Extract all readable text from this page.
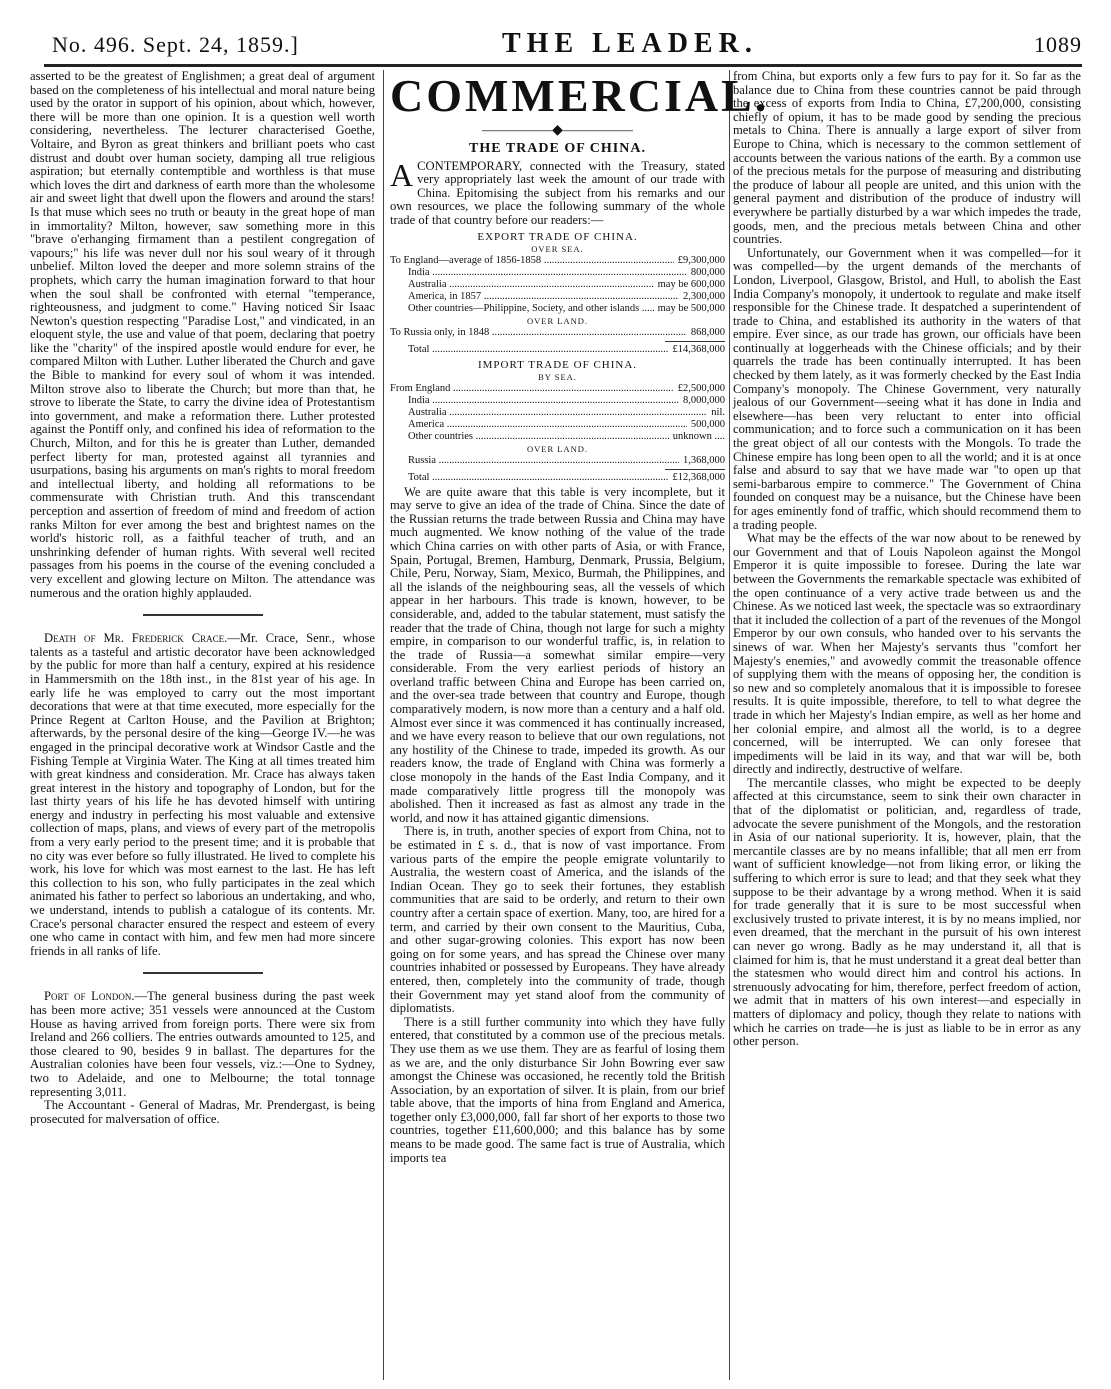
No. 496. Sept. 24, 1859.]	THE LEADER.	1089

asserted to be the greatest of Englishmen; a great deal of argument based on the completeness of his intellectual and moral nature being used by the orator in support of his opinion, about which, however, there will be more than one opinion. It is a question well worth considering, nevertheless. The lecturer characterised Goethe, Voltaire, and Byron as great thinkers and brilliant poets who cast distrust and doubt over human society, damping all true religious aspiration; but eternally contemptible and worthless is that muse which loves the dirt and darkness of earth more than the wholesome air and sweet light that dwell upon the flowers and around the stars! Is that muse which sees no truth or beauty in the great hope of man in immortality? Milton, however, saw something more in this "brave o'erhanging firmament than a pestilent congregation of vapours;" his life was never dull nor his soul weary of it through unbelief. Milton loved the deeper and more solemn strains of the prophets, which carry the human imagination forward to that hour when the soul shall be confronted with eternal "temperance, righteousness, and judgment to come." Having noticed Sir Isaac Newton's question respecting "Paradise Lost," and vindicated, in an eloquent style, the use and value of that poem, declaring that poetry like the "charity" of the inspired apostle would endure for ever, he compared Milton with Luther. Luther liberated the Church and gave the Bible to mankind for every soul of whom it was intended. Milton strove also to liberate the Church; but more than that, he strove to liberate the State, to carry the divine idea of Protestantism into government, and make a reformation there. Luther protested against the Pontiff only, and confined his idea of reformation to the Church, Milton, and for this he is greater than Luther, demanded perfect liberty for man, protested against all tyrannies and usurpations, basing his arguments on man's rights to moral freedom and intellectual liberty, and holding all reformations to be commensurate with Christian truth. And this transcendant perception and assertion of freedom of mind and freedom of action ranks Milton for ever among the best and brightest names on the world's historic roll, as a faithful teacher of truth, and an unshrinking defender of human rights. With several well recited passages from his poems in the course of the evening concluded a very excellent and glowing lecture on Milton. The attendance was numerous and the oration highly applauded.

Death of Mr. Frederick Crace.—Mr. Crace, Senr., whose talents as a tasteful and artistic decorator have been acknowledged by the public for more than half a century, expired at his residence in Hammersmith on the 18th inst., in the 81st year of his age. In early life he was employed to carry out the most important decorations that were at that time executed, more especially for the Prince Regent at Carlton House, and the Pavilion at Brighton; afterwards, by the personal desire of the king—George IV.—he was engaged in the principal decorative work at Windsor Castle and the Fishing Temple at Virginia Water. The King at all times treated him with great kindness and consideration. Mr. Crace has always taken great interest in the history and topography of London, but for the last thirty years of his life he has devoted himself with untiring energy and industry in perfecting his most valuable and extensive collection of maps, plans, and views of every part of the metropolis from a very early period to the present time; and it is probable that no city was ever before so fully illustrated. He lived to complete his work, his love for which was most earnest to the last. He has left this collection to his son, who fully participates in the zeal which animated his father to perfect so laborious an undertaking, and who, we understand, intends to publish a catalogue of its contents. Mr. Crace's personal character ensured the respect and esteem of every one who came in contact with him, and few men had more sincere friends in all ranks of life.

Port of London.—The general business during the past week has been more active; 351 vessels were announced at the Custom House as having arrived from foreign ports. There were six from Ireland and 266 colliers. The entries outwards amounted to 125, and those cleared to 90, besides 9 in ballast. The departures for the Australian colonies have been four vessels, viz.:—One to Sydney, two to Adelaide, and one to Melbourne; the total tonnage representing 3,011.

The Accountant - General of Madras, Mr. Prendergast, is being prosecuted for malversation of office.

COMMERCIAL.
—————◆—————
THE TRADE OF CHINA.

ACONTEMPORARY, connected with the Treasury, stated very appropriately last week the amount of our trade with China. Epitomising the subject from his remarks and our own resources, we place the following summary of the whole trade of that country before our readers:—

EXPORT TRADE OF CHINA.
OVER SEA.
To England—average of 1856-1858 .....	£9,300,000
India .....	800,000
Australia .....	may be 600,000
America, in 1857 .....	2,300,000
Other countries—Philippine, Society, and other islands .....	may be 500,000
OVER LAND.
To Russia only, in 1848 .....	868,000
Total .....	£14,368,000
IMPORT TRADE OF CHINA.
BY SEA.
From England .....	£2,500,000
India .....	8,000,000
Australia .....	nil.
America .....	500,000
Other countries .....	unknown ....
OVER LAND.
Russia .....	1,368,000
Total .....	£12,368,000

We are quite aware that this table is very incomplete, but it may serve to give an idea of the trade of China. Since the date of the Russian returns the trade between Russia and China may have much augmented. We know nothing of the value of the trade which China carries on with other parts of Asia, or with France, Spain, Portugal, Bremen, Hamburg, Denmark, Prussia, Belgium, Chile, Peru, Norway, Siam, Mexico, Burmah, the Philippines, and all the islands of the neighbouring seas, all the vessels of which appear in her harbours. This trade is known, however, to be considerable, and, added to the tabular statement, must satisfy the reader that the trade of China, though not large for such a mighty empire, in comparison to our wonderful traffic, is, in relation to the trade of Russia—a somewhat similar empire—very considerable. From the very earliest periods of history an overland traffic between China and Europe has been carried on, and the over-sea trade between that country and Europe, though comparatively modern, is now more than a century and a half old. Almost ever since it was commenced it has continually increased, and we have every reason to believe that our own regulations, not any hostility of the Chinese to trade, impeded its growth. As our readers know, the trade of England with China was formerly a close monopoly in the hands of the East India Company, and it made comparatively little progress till the monopoly was abolished. Then it increased as fast as almost any trade in the world, and now it has attained gigantic dimensions.

There is, in truth, another species of export from China, not to be estimated in £ s. d., that is now of vast importance. From various parts of the empire the people emigrate voluntarily to Australia, the western coast of America, and the islands of the Indian Ocean. They go to seek their fortunes, they establish communities that are said to be orderly, and return to their own country after a certain space of exertion. Many, too, are hired for a term, and carried by their own consent to the Mauritius, Cuba, and other sugar-growing colonies. This export has now been going on for some years, and has spread the Chinese over many countries inhabited or possessed by Europeans. They have already entered, then, completely into the community of trade, though their Government may yet stand aloof from the community of diplomatists.

There is a still further community into which they have fully entered, that constituted by a common use of the precious metals. They use them as we use them. They are as fearful of losing them as we are, and the only disturbance Sir John Bowring ever saw amongst the Chinese was occasioned, he recently told the British Association, by an exportation of silver. It is plain, from our brief table above, that the imports of hina from England and America, together only £3,000,000, fall far short of her exports to those two countries, together £11,600,000; and this balance has by some means to be made good. The same fact is true of Australia, which imports tea

from China, but exports only a few furs to pay for it. So far as the balance due to China from these countries cannot be paid through the excess of exports from India to China, £7,200,000, consisting chiefly of opium, it has to be made good by sending the precious metals to China. There is annually a large export of silver from Europe to China, which is necessary to the common settlement of accounts between the various nations of the earth. By a common use of the precious metals for the purpose of measuring and distributing the produce of labour all people are united, and this union with the general payment and distribution of the produce of industry will everywhere be partially disturbed by a war which impedes the trade, goods, men, and the precious metals between China and other countries.

Unfortunately, our Government when it was compelled—for it was compelled—by the urgent demands of the merchants of London, Liverpool, Glasgow, Bristol, and Hull, to abolish the East India Company's monopoly, it undertook to regulate and make itself responsible for the Chinese trade. It despatched a superintendent of trade to China, and established its authority in the waters of that empire. Ever since, as our trade has grown, our officials have been continually at loggerheads with the Chinese officials; and by their quarrels the trade has been continually interrupted. It has been checked by them lately, as it was formerly checked by the East India Company's monopoly. The Chinese Government, very naturally jealous of our Government—seeing what it has done in India and elsewhere—has been very reluctant to enter into official communication; and to force such a communication on it has been the great object of all our contests with the Mongols. To trade the Chinese empire has long been open to all the world; and it is at once false and absurd to say that we have made war "to open up that semi-barbarous empire to commerce." The Government of China founded on conquest may be a nuisance, but the Chinese have been for ages eminently fond of traffic, which should recommend them to a trading people.

What may be the effects of the war now about to be renewed by our Government and that of Louis Napoleon against the Mongol Emperor it is quite impossible to foresee. During the late war between the Governments the remarkable spectacle was exhibited of the open continuance of a very active trade between us and the Chinese. As we noticed last week, the spectacle was so extraordinary that it included the collection of a part of the revenues of the Mongol Emperor by our own consuls, who handed over to his servants the sinews of war. When her Majesty's servants thus "comfort her Majesty's enemies," and avowedly commit the treasonable offence of supplying them with the means of opposing her, the condition is so new and so completely anomalous that it is impossible to foresee results. It is quite impossible, therefore, to tell to what degree the trade in which her Majesty's Indian empire, as well as her home and her colonial empire, and almost all the world, is to a degree concerned, will be interrupted. We can only foresee that impediments will be laid in its way, and that war will be, both directly and indirectly, destructive of welfare.

The mercantile classes, who might be expected to be deeply affected at this circumstance, seem to sink their own character in that of the diplomatist or politician, and, regardless of trade, advocate the severe punishment of the Mongols, and the restoration in Asia of our national superiority. It is, however, plain, that the mercantile classes are by no means infallible; that all men err from want of sufficient knowledge—not from liking error, or liking the suffering to which error is sure to lead; and that they seek what they suppose to be their advantage by a wrong method. When it is said for trade generally that it is sure to be most successful when exclusively trusted to private interest, it is by no means implied, nor even dreamed, that the merchant in the pursuit of his own interest can never go wrong. Badly as he may understand it, all that is claimed for him is, that he must understand it a great deal better than the statesmen who would direct him and control his actions. In strenuously advocating for him, therefore, perfect freedom of action, we admit that in matters of his own interest—and especially in matters of diplomacy and policy, though they relate to nations with which he carries on trade—he is just as liable to be in error as any other person.
